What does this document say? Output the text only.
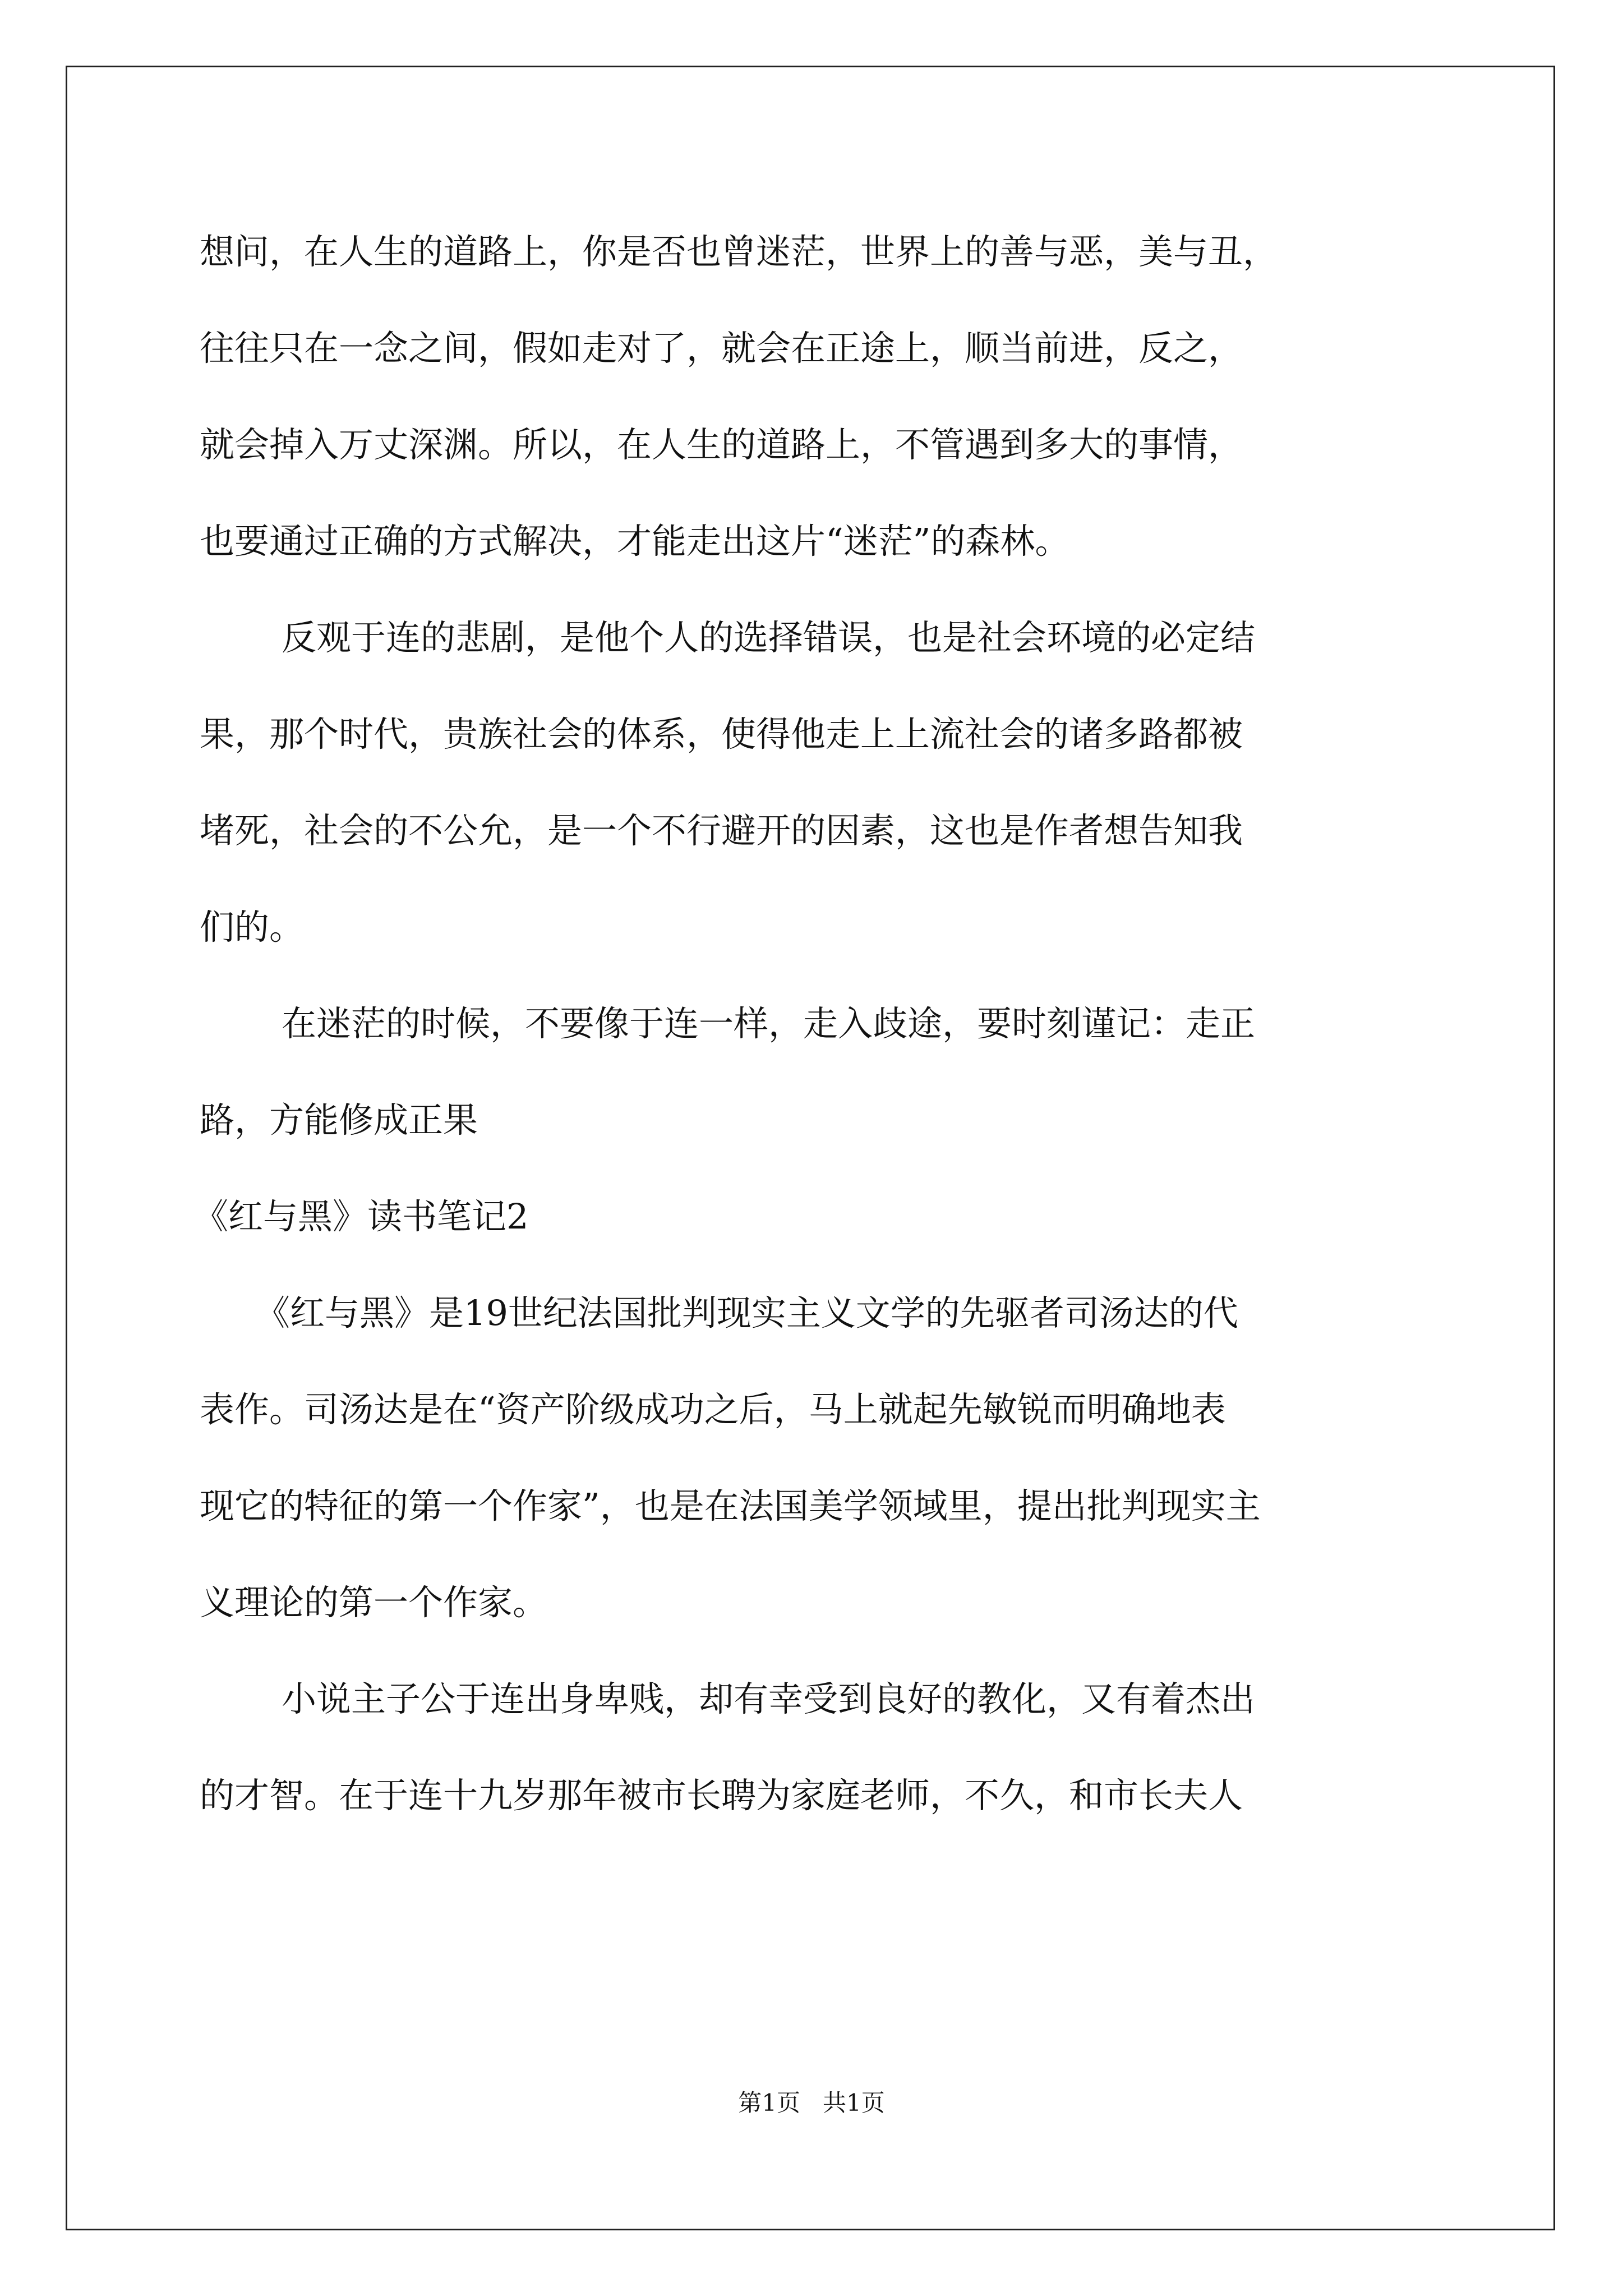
想问，在人生的道路上，你是否也曾迷茫，世界上的善与恶，美与丑，
往往只在一念之间，假如走对了，就会在正途上，顺当前进，反之，
就会掉入万丈深渊。所以，在人生的道路上，不管遇到多大的事情，
也要通过正确的方式解决，才能走出这片“迷茫”的森林。
反观于连的悲剧，是他个人的选择错误，也是社会环境的必定结
果，那个时代，贵族社会的体系，使得他走上上流社会的诸多路都被
堵死，社会的不公允，是一个不行避开的因素，这也是作者想告知我
们的。
在迷茫的时候，不要像于连一样，走入歧途，要时刻谨记：走正
路，方能修成正果
《红与黑》读书笔记2
《红与黑》是19世纪法国批判现实主义文学的先驱者司汤达的代
表作。司汤达是在“资产阶级成功之后，马上就起先敏锐而明确地表
现它的特征的第一个作家”，也是在法国美学领域里，提出批判现实主
义理论的第一个作家。
小说主子公于连出身卑贱，却有幸受到良好的教化，又有着杰出
的才智。在于连十九岁那年被市长聘为家庭老师，不久，和市长夫人
第1页   共1页
